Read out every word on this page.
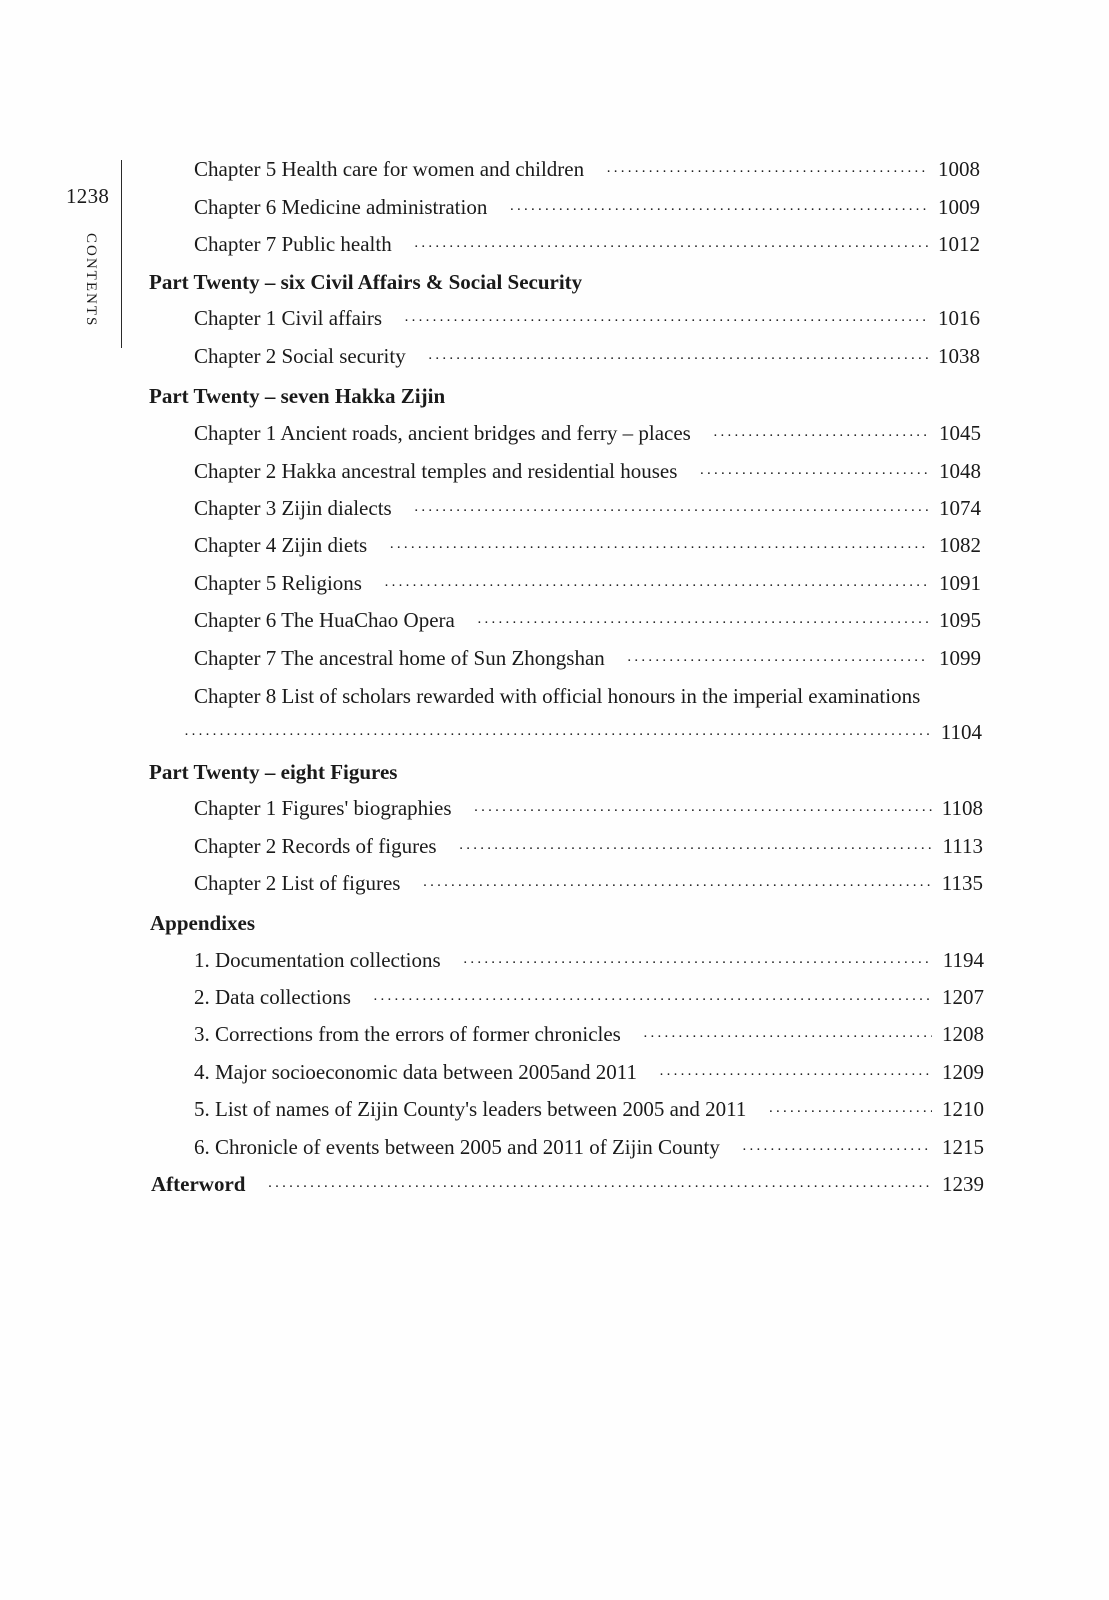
1238
CONTENTS
Chapter 5 Health care for women and children ·····	1008
Chapter 6 Medicine administration ·····	1009
Chapter 7 Public health ·····	1012
Part Twenty – six Civil Affairs & Social Security
Chapter 1 Civil affairs ·····	1016
Chapter 2 Social security ·····	1038
Part Twenty – seven Hakka Zijin
Chapter 1 Ancient roads, ancient bridges and ferry – places ·····	1045
Chapter 2 Hakka ancestral temples and residential houses ·····	1048
Chapter 3 Zijin dialects ·····	1074
Chapter 4 Zijin diets ·····	1082
Chapter 5 Religions ·····	1091
Chapter 6 The HuaChao Opera ·····	1095
Chapter 7 The ancestral home of Sun Zhongshan ·····	1099
Chapter 8 List of scholars rewarded with official honours in the imperial examinations
·····
1104
Part Twenty – eight Figures
Chapter 1 Figures' biographies ·····	1108
Chapter 2 Records of figures ·····	1113
Chapter 2 List of figures ·····	1135
Appendixes
1. Documentation collections ·····	1194
2. Data collections ·····	1207
3. Corrections from the errors of former chronicles ·····	1208
4. Major socioeconomic data between 2005and 2011 ·····	1209
5. List of names of Zijin County's leaders between 2005 and 2011 ·····	1210
6. Chronicle of events between 2005 and 2011 of Zijin County ·····	1215
Afterword ·····	1239
